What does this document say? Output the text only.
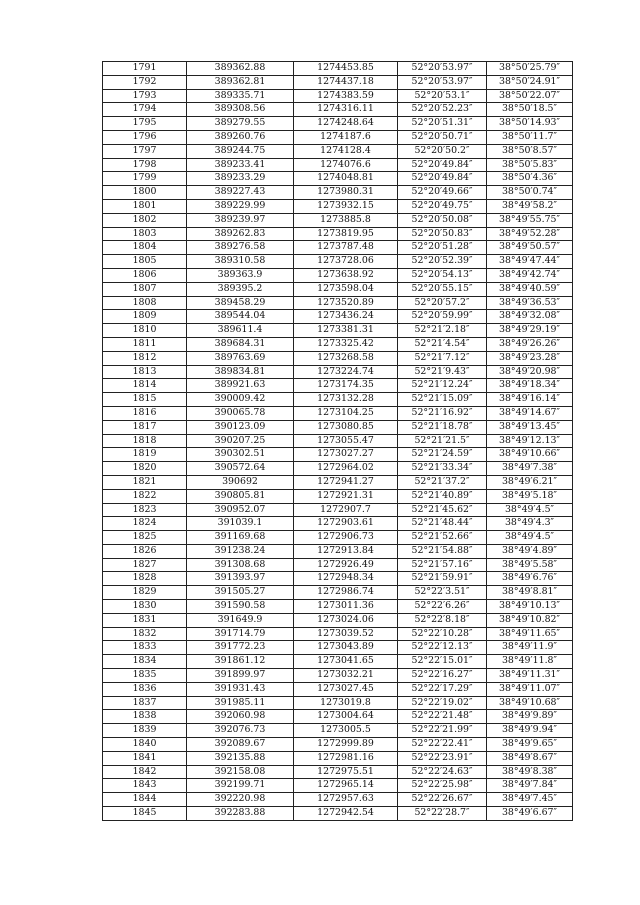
1791	389362.88	1274453.85	52°20′53.97″	38°50′25.79″
1792	389362.81	1274437.18	52°20′53.97″	38°50′24.91″
1793	389335.71	1274383.59	52°20′53.1″	38°50′22.07″
1794	389308.56	1274316.11	52°20′52.23″	38°50′18.5″
1795	389279.55	1274248.64	52°20′51.31″	38°50′14.93″
1796	389260.76	1274187.6	52°20′50.71″	38°50′11.7″
1797	389244.75	1274128.4	52°20′50.2″	38°50′8.57″
1798	389233.41	1274076.6	52°20′49.84″	38°50′5.83″
1799	389233.29	1274048.81	52°20′49.84″	38°50′4.36″
1800	389227.43	1273980.31	52°20′49.66″	38°50′0.74″
1801	389229.99	1273932.15	52°20′49.75″	38°49′58.2″
1802	389239.97	1273885.8	52°20′50.08″	38°49′55.75″
1803	389262.83	1273819.95	52°20′50.83″	38°49′52.28″
1804	389276.58	1273787.48	52°20′51.28″	38°49′50.57″
1805	389310.58	1273728.06	52°20′52.39″	38°49′47.44″
1806	389363.9	1273638.92	52°20′54.13″	38°49′42.74″
1807	389395.2	1273598.04	52°20′55.15″	38°49′40.59″
1808	389458.29	1273520.89	52°20′57.2″	38°49′36.53″
1809	389544.04	1273436.24	52°20′59.99″	38°49′32.08″
1810	389611.4	1273381.31	52°21′2.18″	38°49′29.19″
1811	389684.31	1273325.42	52°21′4.54″	38°49′26.26″
1812	389763.69	1273268.58	52°21′7.12″	38°49′23.28″
1813	389834.81	1273224.74	52°21′9.43″	38°49′20.98″
1814	389921.63	1273174.35	52°21′12.24″	38°49′18.34″
1815	390009.42	1273132.28	52°21′15.09″	38°49′16.14″
1816	390065.78	1273104.25	52°21′16.92″	38°49′14.67″
1817	390123.09	1273080.85	52°21′18.78″	38°49′13.45″
1818	390207.25	1273055.47	52°21′21.5″	38°49′12.13″
1819	390302.51	1273027.27	52°21′24.59″	38°49′10.66″
1820	390572.64	1272964.02	52°21′33.34″	38°49′7.38″
1821	390692	1272941.27	52°21′37.2″	38°49′6.21″
1822	390805.81	1272921.31	52°21′40.89″	38°49′5.18″
1823	390952.07	1272907.7	52°21′45.62″	38°49′4.5″
1824	391039.1	1272903.61	52°21′48.44″	38°49′4.3″
1825	391169.68	1272906.73	52°21′52.66″	38°49′4.5″
1826	391238.24	1272913.84	52°21′54.88″	38°49′4.89″
1827	391308.68	1272926.49	52°21′57.16″	38°49′5.58″
1828	391393.97	1272948.34	52°21′59.91″	38°49′6.76″
1829	391505.27	1272986.74	52°22′3.51″	38°49′8.81″
1830	391590.58	1273011.36	52°22′6.26″	38°49′10.13″
1831	391649.9	1273024.06	52°22′8.18″	38°49′10.82″
1832	391714.79	1273039.52	52°22′10.28″	38°49′11.65″
1833	391772.23	1273043.89	52°22′12.13″	38°49′11.9″
1834	391861.12	1273041.65	52°22′15.01″	38°49′11.8″
1835	391899.97	1273032.21	52°22′16.27″	38°49′11.31″
1836	391931.43	1273027.45	52°22′17.29″	38°49′11.07″
1837	391985.11	1273019.8	52°22′19.02″	38°49′10.68″
1838	392060.98	1273004.64	52°22′21.48″	38°49′9.89″
1839	392076.73	1273005.5	52°22′21.99″	38°49′9.94″
1840	392089.67	1272999.89	52°22′22.41″	38°49′9.65″
1841	392135.88	1272981.16	52°22′23.91″	38°49′8.67″
1842	392158.08	1272975.51	52°22′24.63″	38°49′8.38″
1843	392199.71	1272965.14	52°22′25.98″	38°49′7.84″
1844	392220.98	1272957.63	52°22′26.67″	38°49′7.45″
1845	392283.88	1272942.54	52°22′28.7″	38°49′6.67″
